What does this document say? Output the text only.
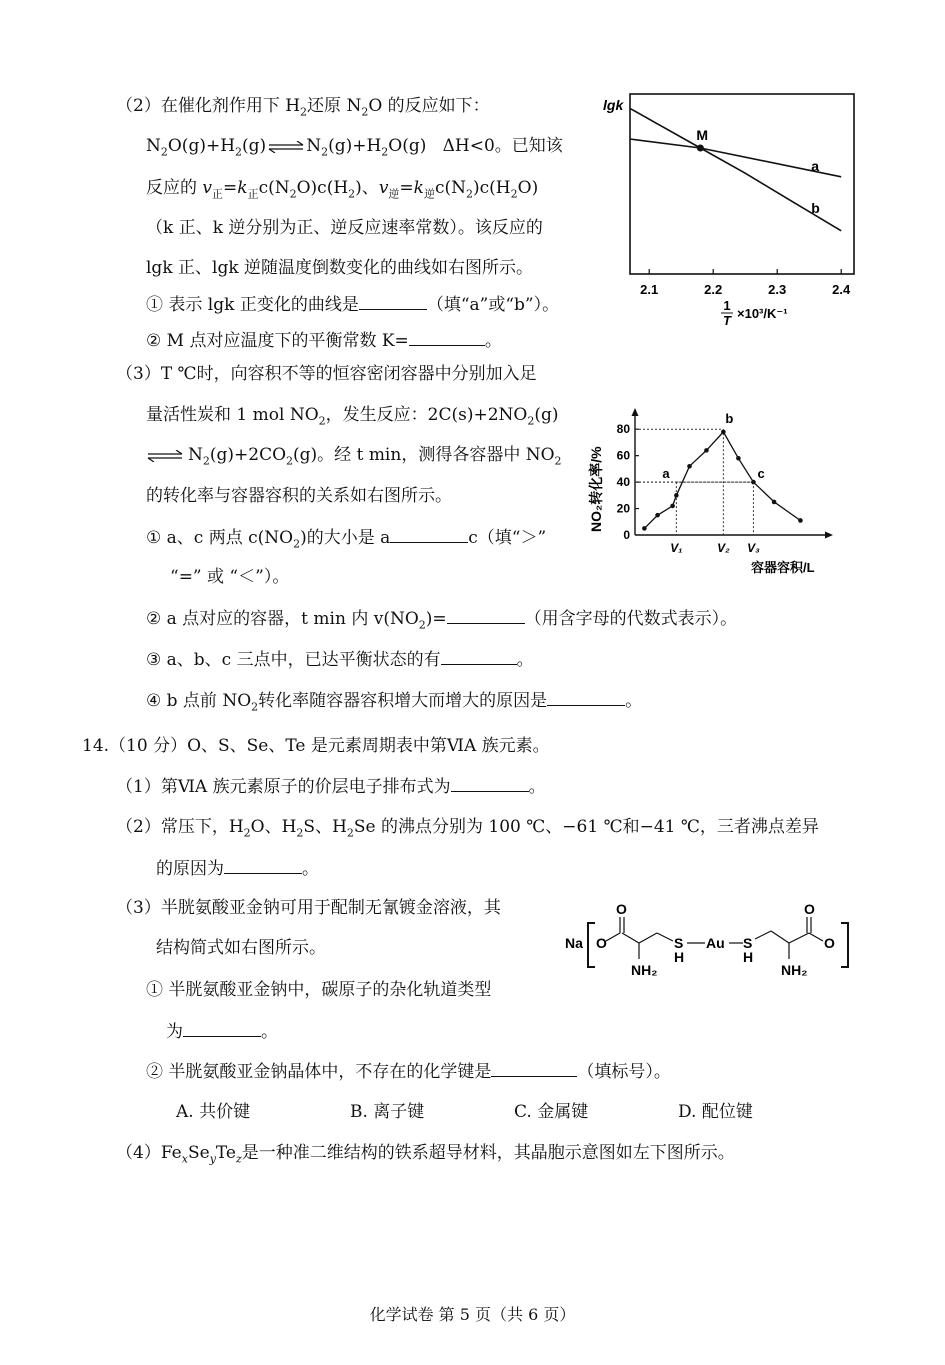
（2）在催化剂作用下 $H_2$还原 $N_2O$ 的反应如下：
$N_2O(g)+H_2(g)\rightleftharpoons N_2(g)+H_2O(g)$ ΔH<0。已知该
反应的 $v_正=k_正c(N_2O)c(H_2)$、$v_逆=k_逆c(N_2)c(H_2O)$
（k 正、k 逆分别为正、逆反应速率常数）。该反应的
lgk 正、lgk 逆随温度倒数变化的曲线如右图所示。
① 表示 lgk 正变化的曲线是	（填“a”或“b”）。
② M 点对应温度下的平衡常数 K=	。
lgk
a
b
M
2.1	2.2	2.3	2.4
1
T ×10³/K⁻¹
（3）T ℃时，向容积不等的恒容密闭容器中分别加入足
量活性炭和 1 mol $NO_2$，发生反应：$2C(s)+2NO_2(g)$
⇌ $N_2(g)+2CO_2(g)$。经 t min，测得各容器中 $NO_2$
的转化率与容器容积的关系如右图所示。
① a、c 两点 $c(NO_2)$的大小是 a	c（填“＞”
“=” 或 “＜”）。
② a 点对应的容器，t min 内 $v(NO_2)=$	（用含字母的代数式表示）。
③ a、b、c 三点中，已达平衡状态的有	。
④ b 点前 $NO_2$转化率随容器容积增大而增大的原因是	。
NO₂转化率/%
0
20
40
60
80
V₁	V₂ V₃
a
b
c
容器容积/L
14.（10 分）O、S、Se、Te 是元素周期表中第ⅥA 族元素。
（1）第ⅥA 族元素原子的价层电子排布式为	。
（2）常压下，$H_2O$、$H_2S$、$H_2Se$ 的沸点分别为 100 ℃、−61 ℃和−41 ℃，三者沸点差异
的原因为	。
（3）半胱氨酸亚金钠可用于配制无氰镀金溶液，其
结构简式如右图所示。
① 半胱氨酸亚金钠中，碳原子的杂化轨道类型
为	。
② 半胱氨酸亚金钠晶体中，不存在的化学键是	（填标号）。
A. 共价键	B. 离子键	C. 金属键	D. 配位键
$(4)Fe_xSe_yTe_z$是一种准二维结构的铁系超导材料，其晶胞示意图如左下图所示。
Na O
O
NH₂
S
H
Au S
H
NH₂
O
O
化学试卷 第 5 页（共 6 页）
